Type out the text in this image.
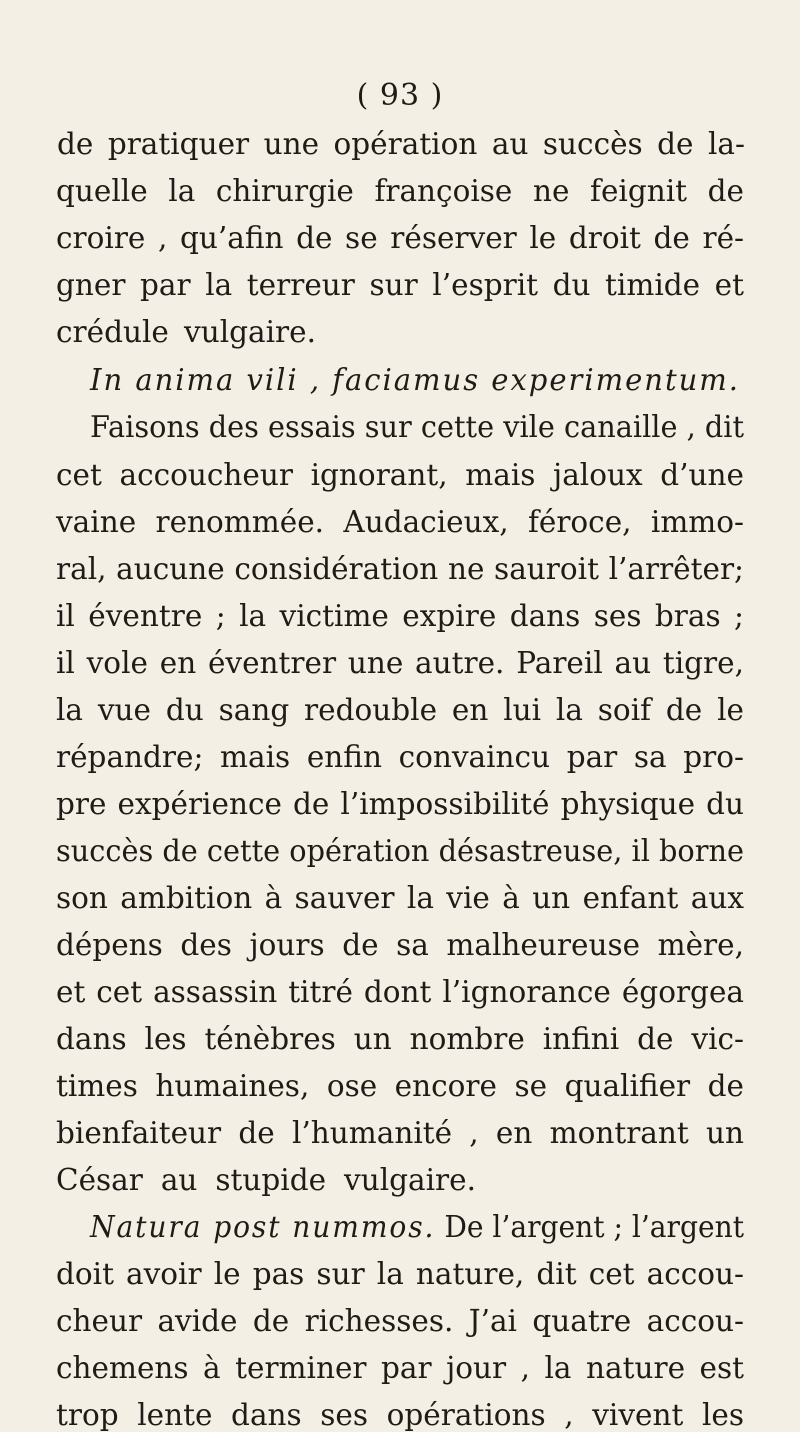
( 93 )
de pratiquer une opération au succès de la-
quelle la chirurgie françoise ne feignit de
croire , qu’afin de se réserver le droit de ré-
gner par la terreur sur l’esprit du timide et
crédule vulgaire.
In anima vili , faciamus experimentum.
Faisons des essais sur cette vile canaille , dit
cet accoucheur ignorant, mais jaloux d’une
vaine renommée. Audacieux, féroce, immo-
ral, aucune considération ne sauroit l’arrêter;
il éventre ; la victime expire dans ses bras ;
il vole en éventrer une autre. Pareil au tigre,
la vue du sang redouble en lui la soif de le
répandre; mais enfin convaincu par sa pro-
pre expérience de l’impossibilité physique du
succès de cette opération désastreuse, il borne
son ambition à sauver la vie à un enfant aux
dépens des jours de sa malheureuse mère,
et cet assassin titré dont l’ignorance égorgea
dans les ténèbres un nombre infini de vic-
times humaines, ose encore se qualifier de
bienfaiteur de l’humanité , en montrant un
César au stupide vulgaire.
Natura post nummos. De l’argent ; l’argent
doit avoir le pas sur la nature, dit cet accou-
cheur avide de richesses. J’ai quatre accou-
chemens à terminer par jour , la nature est
trop lente dans ses opérations , vivent les
